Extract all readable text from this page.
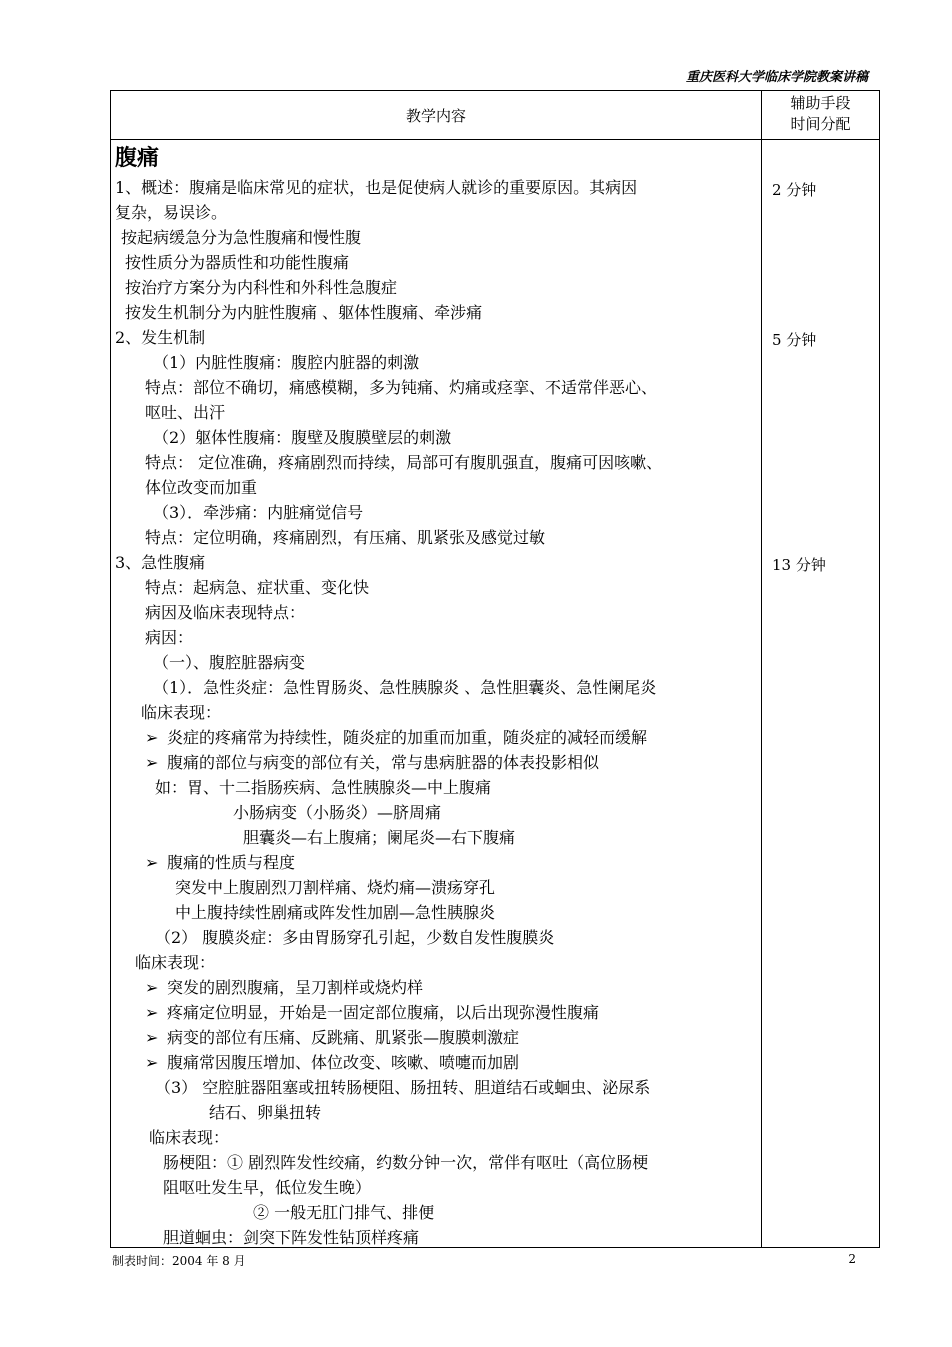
重庆医科大学临床学院教案讲稿
教学内容
辅助手段
时间分配
腹痛
1、概述：腹痛是临床常见的症状，也是促使病人就诊的重要原因。其病因
复杂，易误诊。
按起病缓急分为急性腹痛和慢性腹
按性质分为器质性和功能性腹痛
按治疗方案分为内科性和外科性急腹症
按发生机制分为内脏性腹痛 、躯体性腹痛、牵涉痛
2、发生机制
（1）内脏性腹痛：腹腔内脏器的刺激
特点：部位不确切，痛感模糊，多为钝痛、灼痛或痉挛、不适常伴恶心、
呕吐、出汗
（2）躯体性腹痛：腹壁及腹膜壁层的刺激
特点： 定位准确，疼痛剧烈而持续，局部可有腹肌强直，腹痛可因咳嗽、
体位改变而加重
（3）．牵涉痛：内脏痛觉信号
特点：定位明确，疼痛剧烈，有压痛、肌紧张及感觉过敏
3、急性腹痛
特点：起病急、症状重、变化快
病因及临床表现特点：
病因：
（一）、腹腔脏器病变
（1）．急性炎症：急性胃肠炎、急性胰腺炎 、急性胆囊炎、急性阑尾炎
临床表现：
➢ 炎症的疼痛常为持续性，随炎症的加重而加重，随炎症的减轻而缓解
➢ 腹痛的部位与病变的部位有关，常与患病脏器的体表投影相似
如：胃、十二指肠疾病、急性胰腺炎—中上腹痛
小肠病变（小肠炎）—脐周痛
胆囊炎—右上腹痛；阑尾炎—右下腹痛
➢ 腹痛的性质与程度
突发中上腹剧烈刀割样痛、烧灼痛—溃疡穿孔
中上腹持续性剧痛或阵发性加剧—急性胰腺炎
（2） 腹膜炎症：多由胃肠穿孔引起，少数自发性腹膜炎
临床表现：
➢ 突发的剧烈腹痛，呈刀割样或烧灼样
➢ 疼痛定位明显，开始是一固定部位腹痛，以后出现弥漫性腹痛
➢ 病变的部位有压痛、反跳痛、肌紧张—腹膜刺激症
➢ 腹痛常因腹压增加、体位改变、咳嗽、喷嚏而加剧
（3） 空腔脏器阻塞或扭转肠梗阻、肠扭转、胆道结石或蛔虫、泌尿系
结石、卵巢扭转
临床表现：
肠梗阻：① 剧烈阵发性绞痛，约数分钟一次，常伴有呕吐（高位肠梗
阻呕吐发生早，低位发生晚）
② 一般无肛门排气、排便
胆道蛔虫：剑突下阵发性钻顶样疼痛
2 分钟
5 分钟
13 分钟
制表时间：2004 年 8 月	2
